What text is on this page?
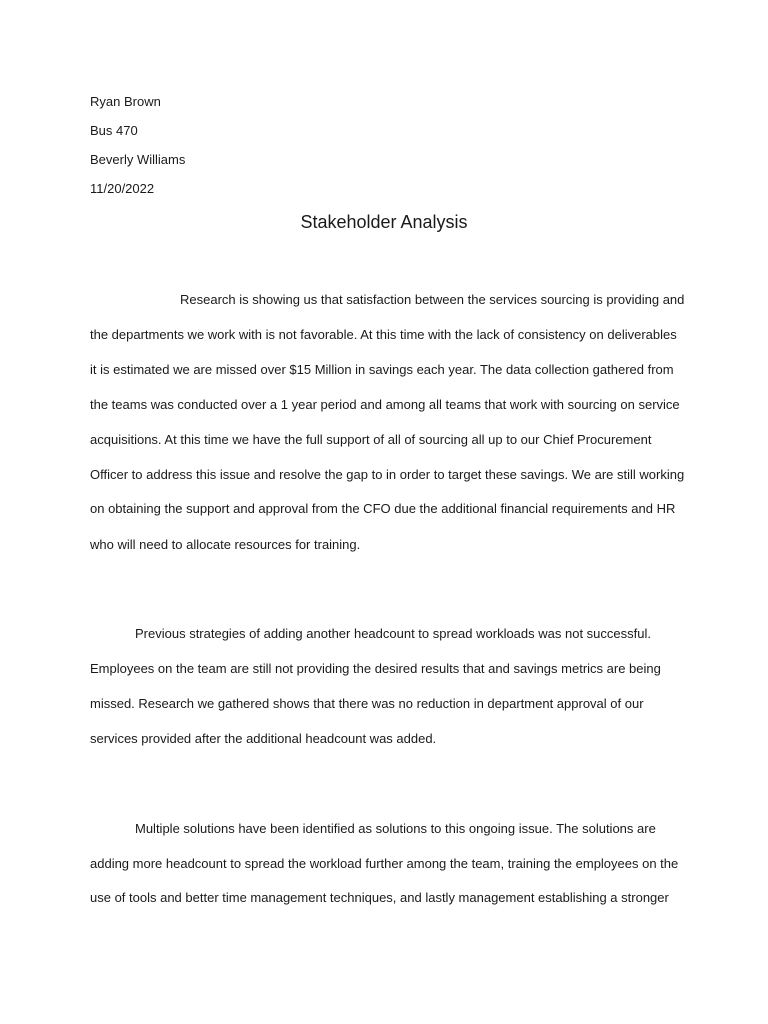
Ryan Brown
Bus 470
Beverly Williams
11/20/2022
Stakeholder Analysis
Research is showing us that satisfaction between the services sourcing is providing and
the departments we work with is not favorable. At this time with the lack of consistency on deliverables
it is estimated we are missed over $15 Million in savings each year. The data collection gathered from
the teams was conducted over a 1 year period and among all teams that work with sourcing on service
acquisitions. At this time we have the full support of all of sourcing all up to our Chief Procurement
Officer to address this issue and resolve the gap to in order to target these savings. We are still working
on obtaining the support and approval from the CFO due the additional financial requirements and HR
who will need to allocate resources for training.
Previous strategies of adding another headcount to spread workloads was not successful.
Employees on the team are still not providing the desired results that and savings metrics are being
missed. Research we gathered shows that there was no reduction in department approval of our
services provided after the additional headcount was added.
Multiple solutions have been identified as solutions to this ongoing issue. The solutions are
adding more headcount to spread the workload further among the team, training the employees on the
use of tools and better time management techniques, and lastly management establishing a stronger
